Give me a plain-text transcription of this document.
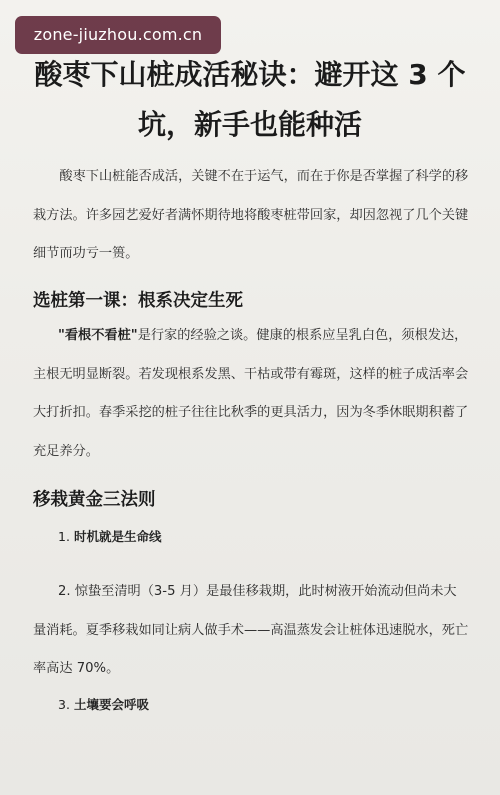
zone-jiuzhou.com.cn
酸枣下山桩成活秘诀：避开这 3 个坑，新手也能种活

酸枣下山桩能否成活，关键不在于运气，而在于你是否掌握了科学的移栽方法。许多园艺爱好者满怀期待地将酸枣桩带回家，却因忽视了几个关键细节而功亏一篑。

选桩第一课：根系决定生死

"看根不看桩"是行家的经验之谈。健康的根系应呈乳白色，须根发达，主根无明显断裂。若发现根系发黑、干枯或带有霉斑，这样的桩子成活率会大打折扣。春季采挖的桩子往往比秋季的更具活力，因为冬季休眠期积蓄了充足养分。

移栽黄金三法则

1. 时机就是生命线

2. 惊蛰至清明（3-5 月）是最佳移栽期，此时树液开始流动但尚未大量消耗。夏季移栽如同让病人做手术——高温蒸发会让桩体迅速脱水，死亡率高达 70%。

3. 土壤要会呼吸
